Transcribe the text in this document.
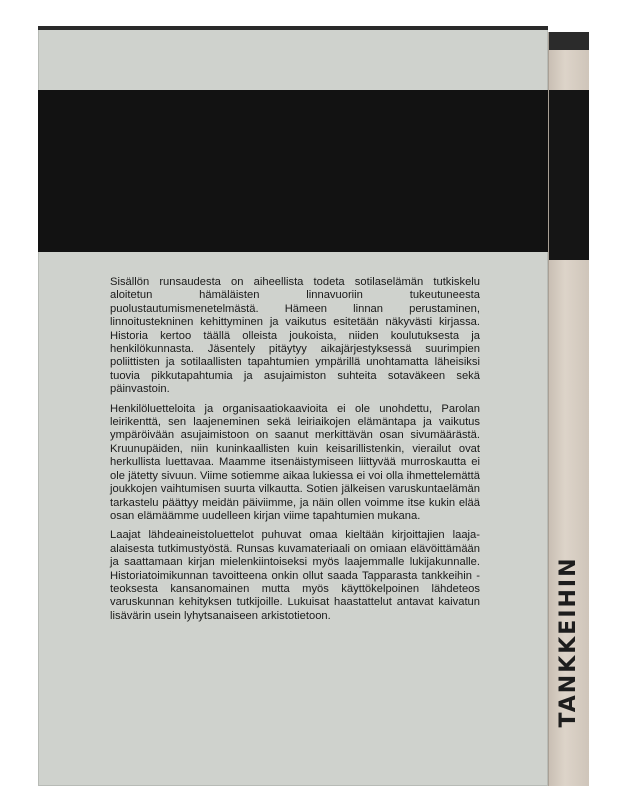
Sisällön runsaudesta on aiheellista todeta sotilaselämän tutkiskelu aloitetun hämäläisten linnavuoriin tukeutuneesta puolustautumismenetelmästä. Hämeen linnan perustaminen, linnoitustekninen kehittyminen ja vaikutus esitetään näkyvästi kirjassa. Historia kertoo täällä olleista joukoista, niiden koulutuksesta ja henkilökunnasta. Jäsentely pitäytyy aikajärjestyksessä suurimpien poliittisten ja sotilaallisten tapahtumien ympärillä unohtamatta läheisiksi tuovia pikkutapahtumia ja asujaimiston suhteita sotaväkeen sekä päinvastoin.

Henkilöluetteloita ja organisaatiokaavioita ei ole unohdettu, Parolan leirikenttä, sen laajeneminen sekä leiriaikojen elämäntapa ja vaikutus ympäröivään asujaimistoon on saanut merkittävän osan sivumäärästä. Kruunupäiden, niin kuninkaallisten kuin keisarillistenkin, vierailut ovat herkullista luettavaa. Maamme itsenäistymiseen liittyvää murroskautta ei ole jätetty sivuun. Viime sotiemme aikaa lukiessa ei voi olla ihmettelemättä joukkojen vaihtumisen suurta vilkautta. Sotien jälkeisen varuskuntaelämän tarkastelu päättyy meidän päiviimme, ja näin ollen voimme itse kukin elää osan elämäämme uudelleen kirjan viime tapahtumien mukana.

Laajat lähdeaineistoluettelot puhuvat omaa kieltään kirjoittajien laaja-alaisesta tutkimustyöstä. Runsas kuvamateriaali on omiaan elävöittämään ja saattamaan kirjan mielenkiintoiseksi myös laajemmalle lukijakunnalle. Historiatoimikunnan tavoitteena onkin ollut saada Tapparasta tankkeihin -teoksesta kansanomainen mutta myös käyttökelpoinen lähdeteos varuskunnan kehityksen tutkijoille. Lukuisat haastattelut antavat kaivatun lisävärin usein lyhytsanaiseen arkistotietoon.	TANKKEIHIN
